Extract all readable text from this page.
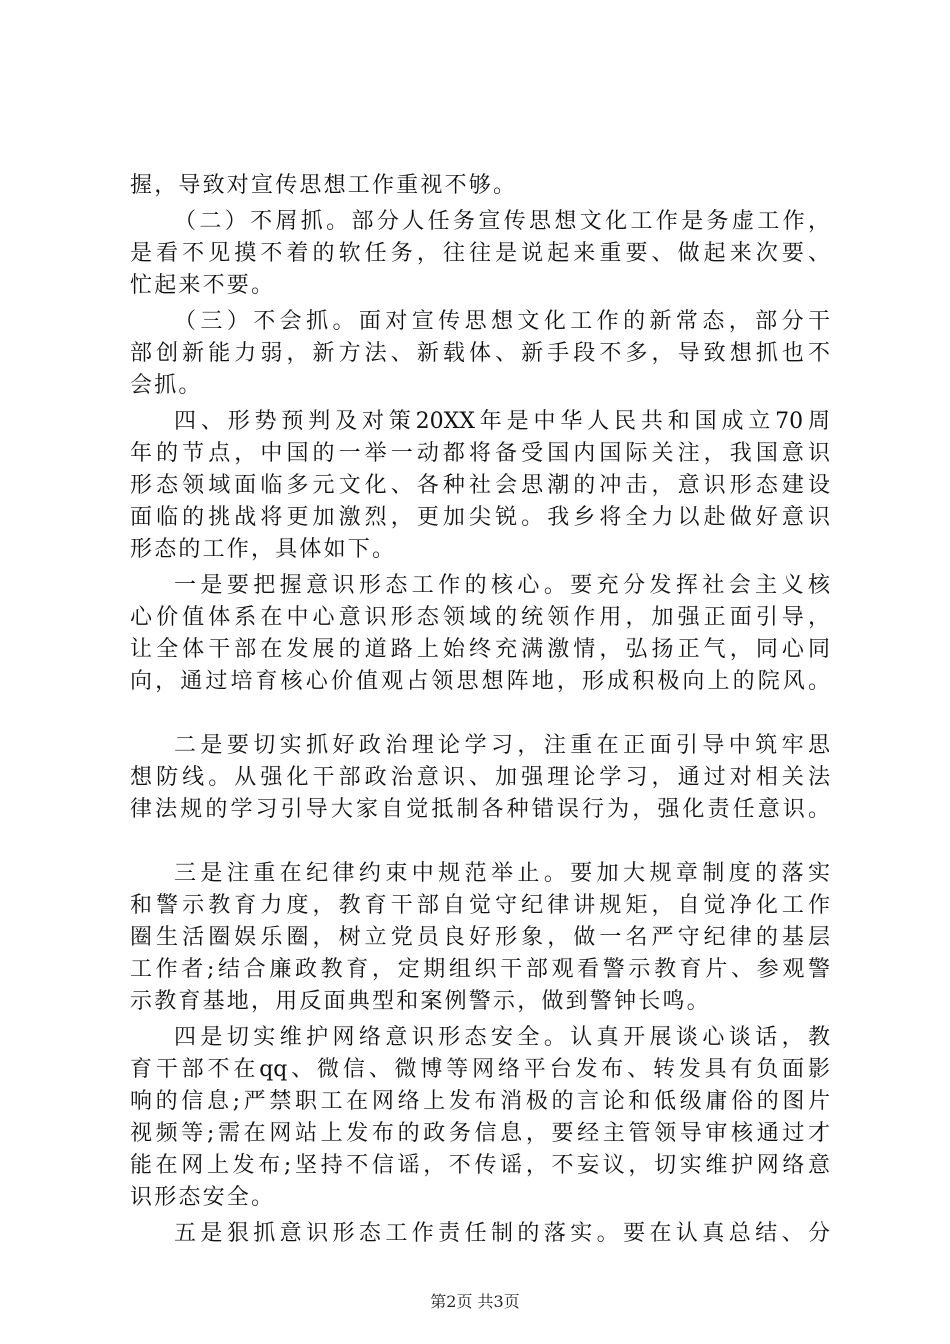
握，导致对宣传思想工作重视不够。
（二）不屑抓。部分人任务宣传思想文化工作是务虚工作，
是看不见摸不着的软任务，往往是说起来重要、做起来次要、
忙起来不要。
（三）不会抓。面对宣传思想文化工作的新常态，部分干
部创新能力弱，新方法、新载体、新手段不多，导致想抓也不
会抓。
四、形势预判及对策20XX年是中华人民共和国成立70周
年的节点，中国的一举一动都将备受国内国际关注，我国意识
形态领域面临多元文化、各种社会思潮的冲击，意识形态建设
面临的挑战将更加激烈，更加尖锐。我乡将全力以赴做好意识
形态的工作，具体如下。
一是要把握意识形态工作的核心。要充分发挥社会主义核
心价值体系在中心意识形态领域的统领作用，加强正面引导，
让全体干部在发展的道路上始终充满激情，弘扬正气，同心同
向，通过培育核心价值观占领思想阵地，形成积极向上的院风。
二是要切实抓好政治理论学习，注重在正面引导中筑牢思
想防线。从强化干部政治意识、加强理论学习，通过对相关法
律法规的学习引导大家自觉抵制各种错误行为，强化责任意识。
三是注重在纪律约束中规范举止。要加大规章制度的落实
和警示教育力度，教育干部自觉守纪律讲规矩，自觉净化工作
圈生活圈娱乐圈，树立党员良好形象，做一名严守纪律的基层
工作者;结合廉政教育，定期组织干部观看警示教育片、参观警
示教育基地，用反面典型和案例警示，做到警钟长鸣。
四是切实维护网络意识形态安全。认真开展谈心谈话，教
育干部不在qq、微信、微博等网络平台发布、转发具有负面影
响的信息;严禁职工在网络上发布消极的言论和低级庸俗的图片
视频等;需在网站上发布的政务信息，要经主管领导审核通过才
能在网上发布;坚持不信谣，不传谣，不妄议，切实维护网络意
识形态安全。
五是狠抓意识形态工作责任制的落实。要在认真总结、分
第2页 共3页
